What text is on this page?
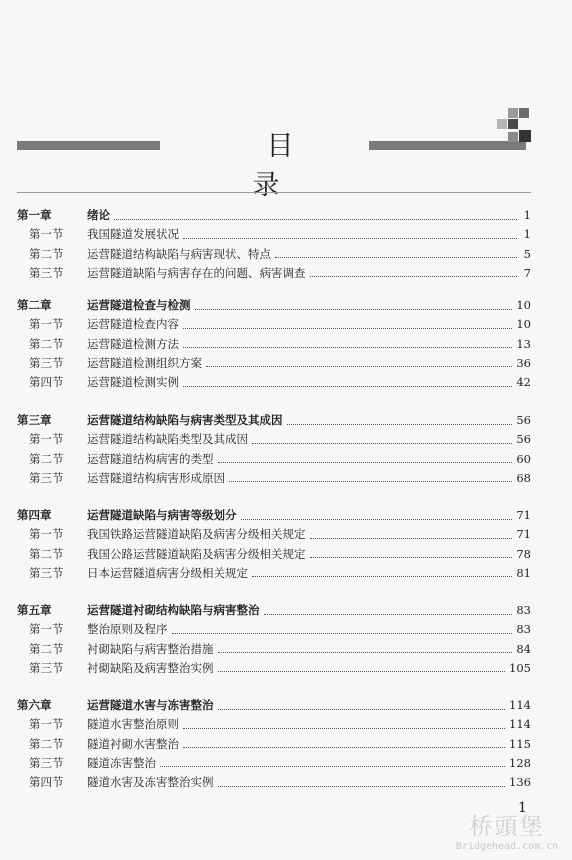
目 录
第一章	绪论	1
第一节	我国隧道发展状况	1
第二节	运营隧道结构缺陷与病害现状、特点	5
第三节	运营隧道缺陷与病害存在的问题、病害调查	7
第二章	运营隧道检查与检测	10
第一节	运营隧道检查内容	10
第二节	运营隧道检测方法	13
第三节	运营隧道检测组织方案	36
第四节	运营隧道检测实例	42
第三章	运营隧道结构缺陷与病害类型及其成因	56
第一节	运营隧道结构缺陷类型及其成因	56
第二节	运营隧道结构病害的类型	60
第三节	运营隧道结构病害形成原因	68
第四章	运营隧道缺陷与病害等级划分	71
第一节	我国铁路运营隧道缺陷及病害分级相关规定	71
第二节	我国公路运营隧道缺陷及病害分级相关规定	78
第三节	日本运营隧道病害分级相关规定	81
第五章	运营隧道衬砌结构缺陷与病害整治	83
第一节	整治原则及程序	83
第二节	衬砌缺陷与病害整治措施	84
第三节	衬砌缺陷及病害整治实例	105
第六章	运营隧道水害与冻害整治	114
第一节	隧道水害整治原则	114
第二节	隧道衬砌水害整治	115
第三节	隧道冻害整治	128
第四节	隧道水害及冻害整治实例	136
1
桥頭堡
Bridgehead.com.cn
